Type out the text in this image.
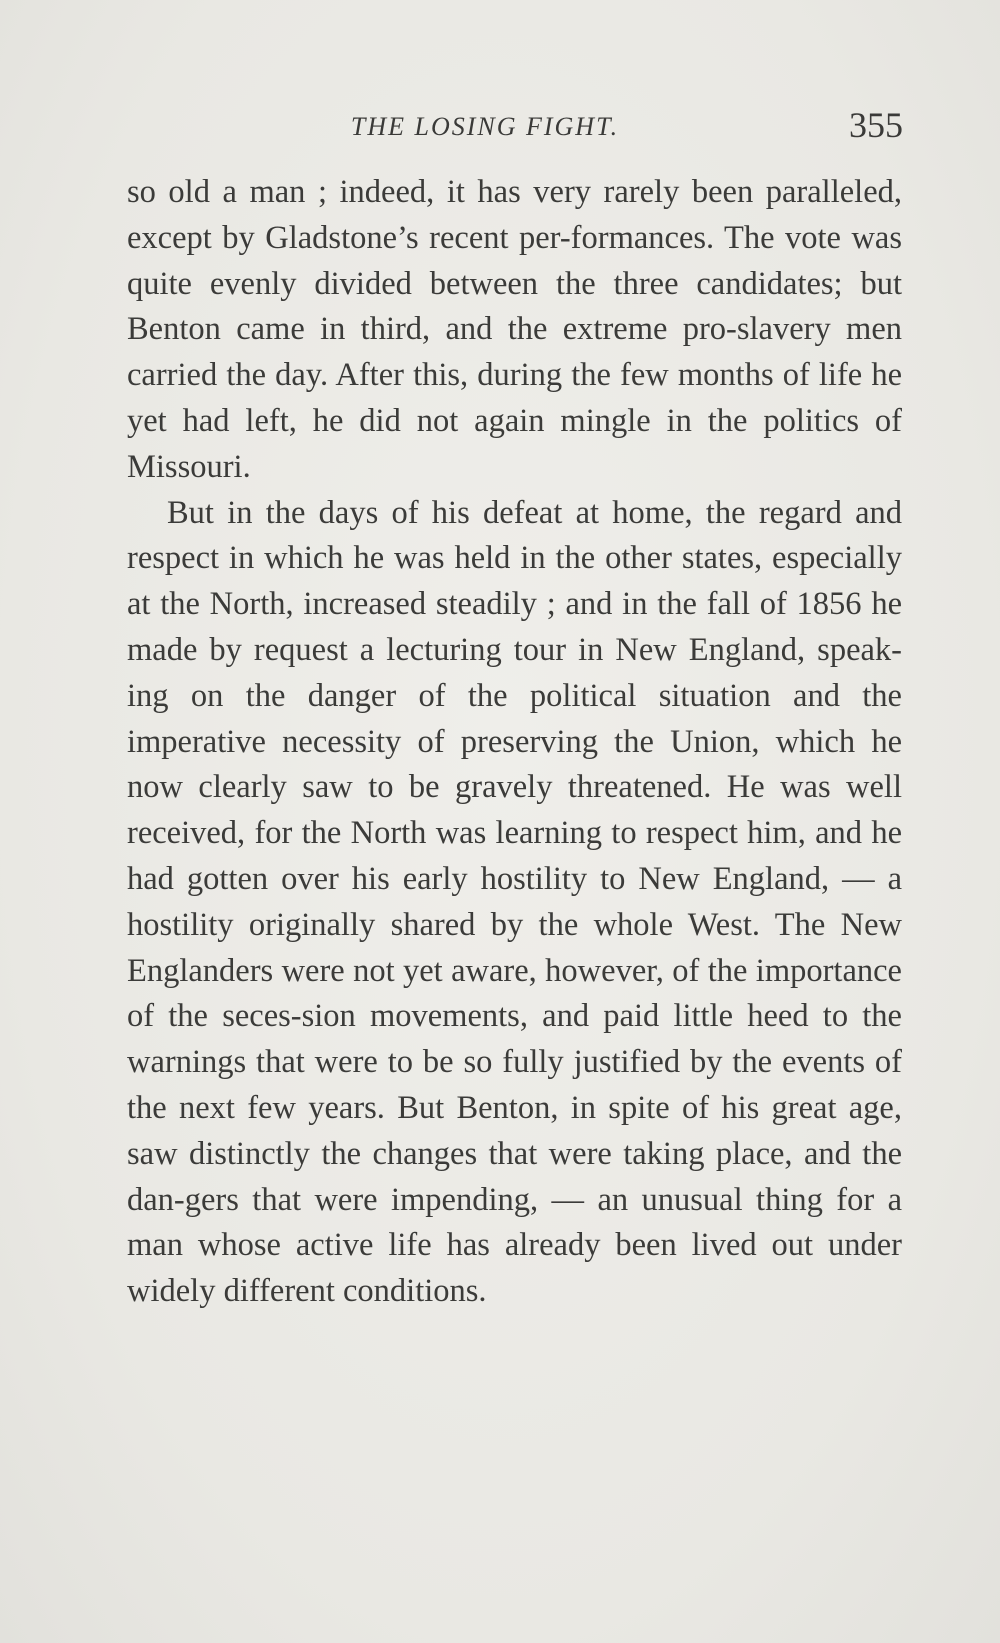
THE LOSING FIGHT.	355

so old a man ; indeed, it has very rarely been paralleled, except by Gladstone’s recent per-formances. The vote was quite evenly divided between the three candidates; but Benton came in third, and the extreme pro-slavery men carried the day. After this, during the few months of life he yet had left, he did not again mingle in the politics of Missouri.

But in the days of his defeat at home, the regard and respect in which he was held in the other states, especially at the North, increased steadily ; and in the fall of 1856 he made by request a lecturing tour in New England, speak-ing on the danger of the political situation and the imperative necessity of preserving the Union, which he now clearly saw to be gravely threatened. He was well received, for the North was learning to respect him, and he had gotten over his early hostility to New England, — a hostility originally shared by the whole West. The New Englanders were not yet aware, however, of the importance of the seces-sion movements, and paid little heed to the warnings that were to be so fully justified by the events of the next few years. But Benton, in spite of his great age, saw distinctly the changes that were taking place, and the dan-gers that were impending, — an unusual thing for a man whose active life has already been lived out under widely different conditions.
